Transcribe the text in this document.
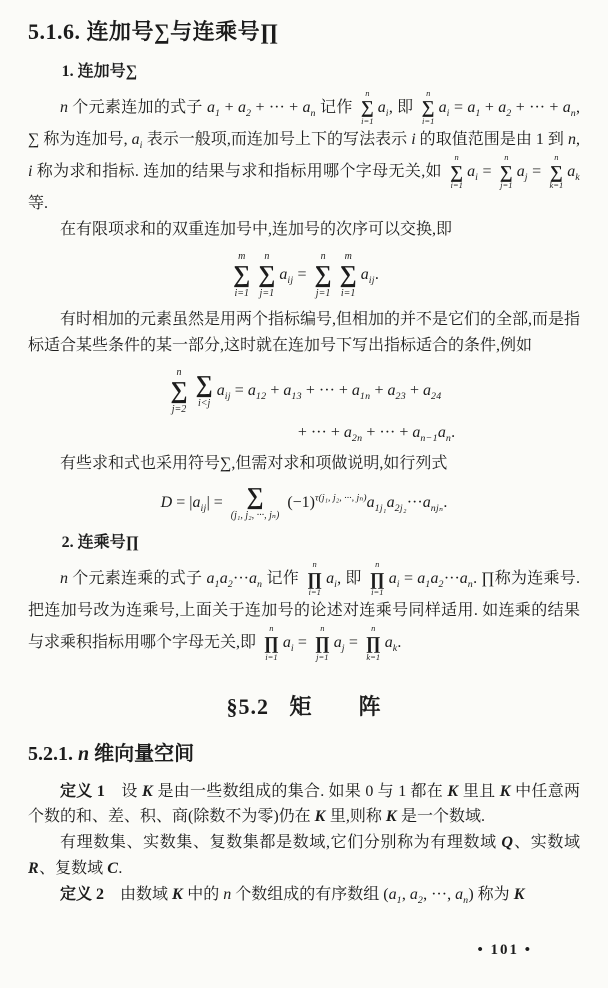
5.1.6. 连加号∑与连乘号∏
1. 连加号∑

n 个元素连加的式子 $a_1 + a_2$ + ··· + $a_n$ 记作
n
∑
i=1
$a_i$, 即
n
∑
i=1
$a_i = a_1 + a_2$ + ··· + $a_n$, ∑ 称为连加号, $a_i$ 表示一般项,而连加号上下的写法表示 i 的取值范围是由 1 到 n, i 称为求和指标. 连加的结果与求和指标用哪个字母无关,如
n
∑
i=1
$a_i$ =
n
∑
j=1
$a_j$ =
n
∑
k=1
$a_k$ 等.

在有限项求和的双重连加号中,连加号的次序可以交换,即

m
∑
i=1
n
∑
j=1
$a_{ij}$ =
n
∑
j=1
m
∑
i=1
$a_{ij}$.

有时相加的元素虽然是用两个指标编号,但相加的并不是它们的全部,而是指标适合某些条件的某一部分,这时就在连加号下写出指标适合的条件,例如

n
∑
j=2
∑
i<j
$a_{ij} = a_{12} + a_{13}$ + ··· + $a_{1n} + a_{23} + a_{24}$
+ ··· + $a_{2n}$ + ··· + $a_{n-1}a_n$.

有些求和式也采用符号∑,但需对求和项做说明,如行列式

$D = |a_{ij}|$ = ∑
(j₁, j₂, ···, jₙ)
$(-1)^{\tau(j_1, j_2, \cdot\cdot\cdot, j_n)}a_{1j_1}a_{2j_2}\cdot\cdot\cdot a_{nj_n}$.
2. 连乘号∏

n 个元素连乘的式子 $a_1a_2\cdot\cdot\cdot a_n$ 记作
n
∏
i=1
$a_i$, 即
n
∏
i=1
$a_i = a_1a_2\cdot\cdot\cdot a_n$. ∏称为连乘号. 把连加号改为连乘号,上面关于连加号的论述对连乘号同样适用. 如连乘的结果与求乘积指标用哪个字母无关,即
n
∏
i=1
$a_i$ =
n
∏
j=1
$a_j$ =
n
∏
k=1
$a_k$.

§5.2 矩　　阵
5.2.1. n 维向量空间

定义 1　设 K 是由一些数组成的集合. 如果 0 与 1 都在 K 里且 K 中任意两个数的和、差、积、商(除数不为零)仍在 K 里,则称 K 是一个数域.

有理数集、实数集、复数集都是数域,它们分别称为有理数域 Q、实数域 R、复数域 C.

定义 2　由数域 K 中的 n 个数组成的有序数组 ($a_1$, $a_2$, ···, $a_n$) 称为 K

• 101 •
